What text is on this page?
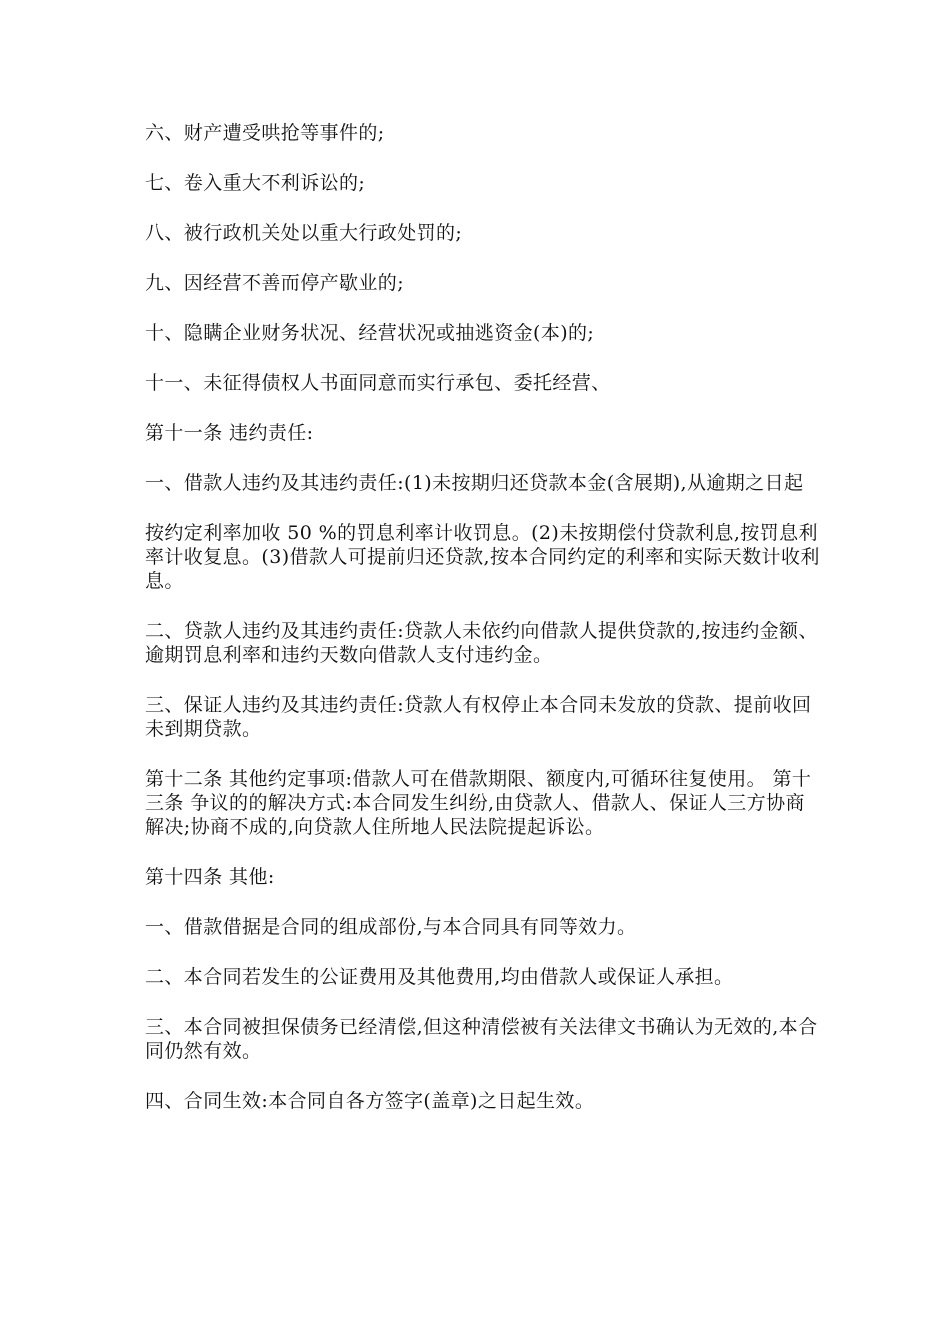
六、财产遭受哄抢等事件的;

七、卷入重大不利诉讼的;

八、被行政机关处以重大行政处罚的;

九、因经营不善而停产歇业的;

十、隐瞒企业财务状况、经营状况或抽逃资金(本)的;

十一、未征得债权人书面同意而实行承包、委托经营、

第十一条 违约责任:

一、借款人违约及其违约责任:(1)未按期归还贷款本金(含展期),从逾期之日起

按约定利率加收 50 %的罚息利率计收罚息。(2)未按期偿付贷款利息,按罚息利率计收复息。(3)借款人可提前归还贷款,按本合同约定的利率和实际天数计收利息。

二、贷款人违约及其违约责任:贷款人未依约向借款人提供贷款的,按违约金额、逾期罚息利率和违约天数向借款人支付违约金。

三、保证人违约及其违约责任:贷款人有权停止本合同未发放的贷款、提前收回未到期贷款。

第十二条 其他约定事项:借款人可在借款期限、额度内,可循环往复使用。 第十三条 争议的的解决方式:本合同发生纠纷,由贷款人、借款人、保证人三方协商解决;协商不成的,向贷款人住所地人民法院提起诉讼。

第十四条 其他:

一、借款借据是合同的组成部份,与本合同具有同等效力。

二、本合同若发生的公证费用及其他费用,均由借款人或保证人承担。

三、本合同被担保债务已经清偿,但这种清偿被有关法律文书确认为无效的,本合同仍然有效。

四、合同生效:本合同自各方签字(盖章)之日起生效。
